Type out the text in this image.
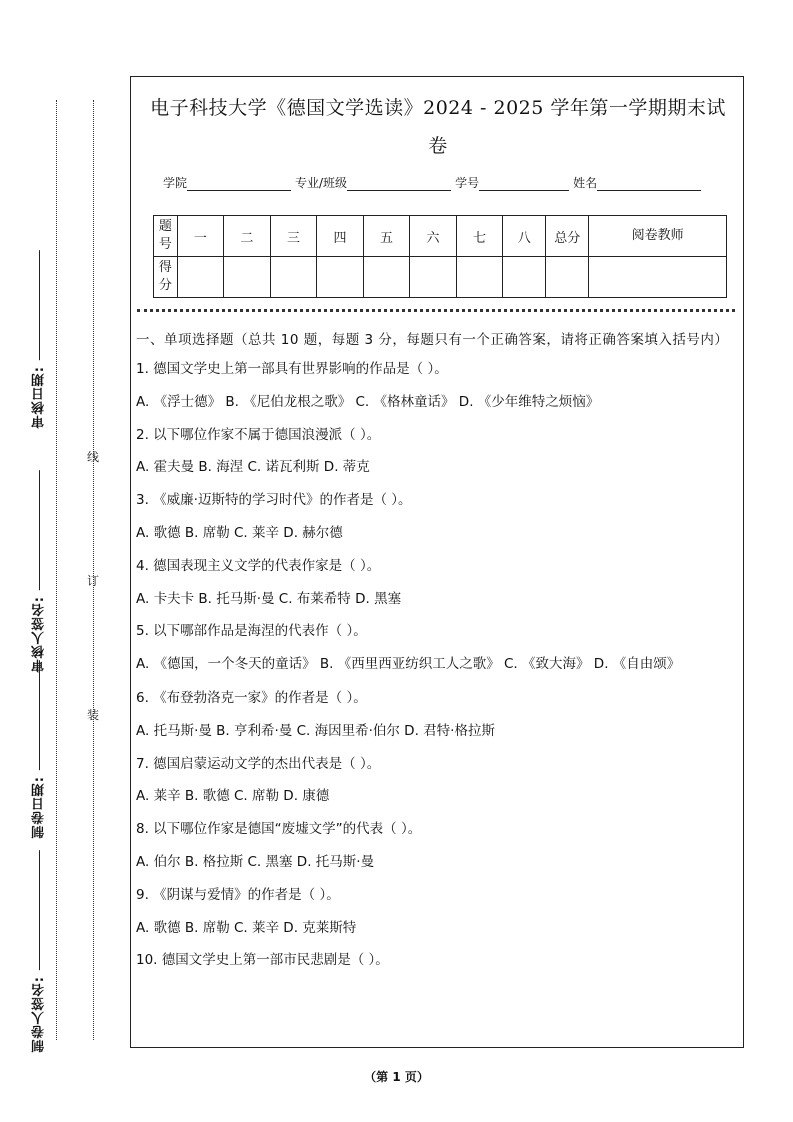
审核日期:
审核人签名:
制卷日期:
制卷人签名:
线
订
装
电子科技大学《德国文学选读》2024 - 2025 学年第一学期期末试
卷
学院	专业/班级	学号	姓名
题号	一	二	三	四	五	六	七	八	总分	阅卷教师
得分										
一、单项选择题（总共 10 题，每题 3 分，每题只有一个正确答案，请将正确答案填入括号内）
1. 德国文学史上第一部具有世界影响的作品是（ ）。
A. 《浮士德》 B. 《尼伯龙根之歌》 C. 《格林童话》 D. 《少年维特之烦恼》
2. 以下哪位作家不属于德国浪漫派（ ）。
A. 霍夫曼 B. 海涅 C. 诺瓦利斯 D. 蒂克
3. 《威廉·迈斯特的学习时代》的作者是（ ）。
A. 歌德 B. 席勒 C. 莱辛 D. 赫尔德
4. 德国表现主义文学的代表作家是（ ）。
A. 卡夫卡 B. 托马斯·曼 C. 布莱希特 D. 黑塞
5. 以下哪部作品是海涅的代表作（ ）。
A. 《德国，一个冬天的童话》 B. 《西里西亚纺织工人之歌》 C. 《致大海》 D. 《自由颂》
6. 《布登勃洛克一家》的作者是（ ）。
A. 托马斯·曼 B. 亨利希·曼 C. 海因里希·伯尔 D. 君特·格拉斯
7. 德国启蒙运动文学的杰出代表是（ ）。
A. 莱辛 B. 歌德 C. 席勒 D. 康德
8. 以下哪位作家是德国“废墟文学”的代表（ ）。
A. 伯尔 B. 格拉斯 C. 黑塞 D. 托马斯·曼
9. 《阴谋与爱情》的作者是（ ）。
A. 歌德 B. 席勒 C. 莱辛 D. 克莱斯特
10. 德国文学史上第一部市民悲剧是（ ）。
（第 1 页）
